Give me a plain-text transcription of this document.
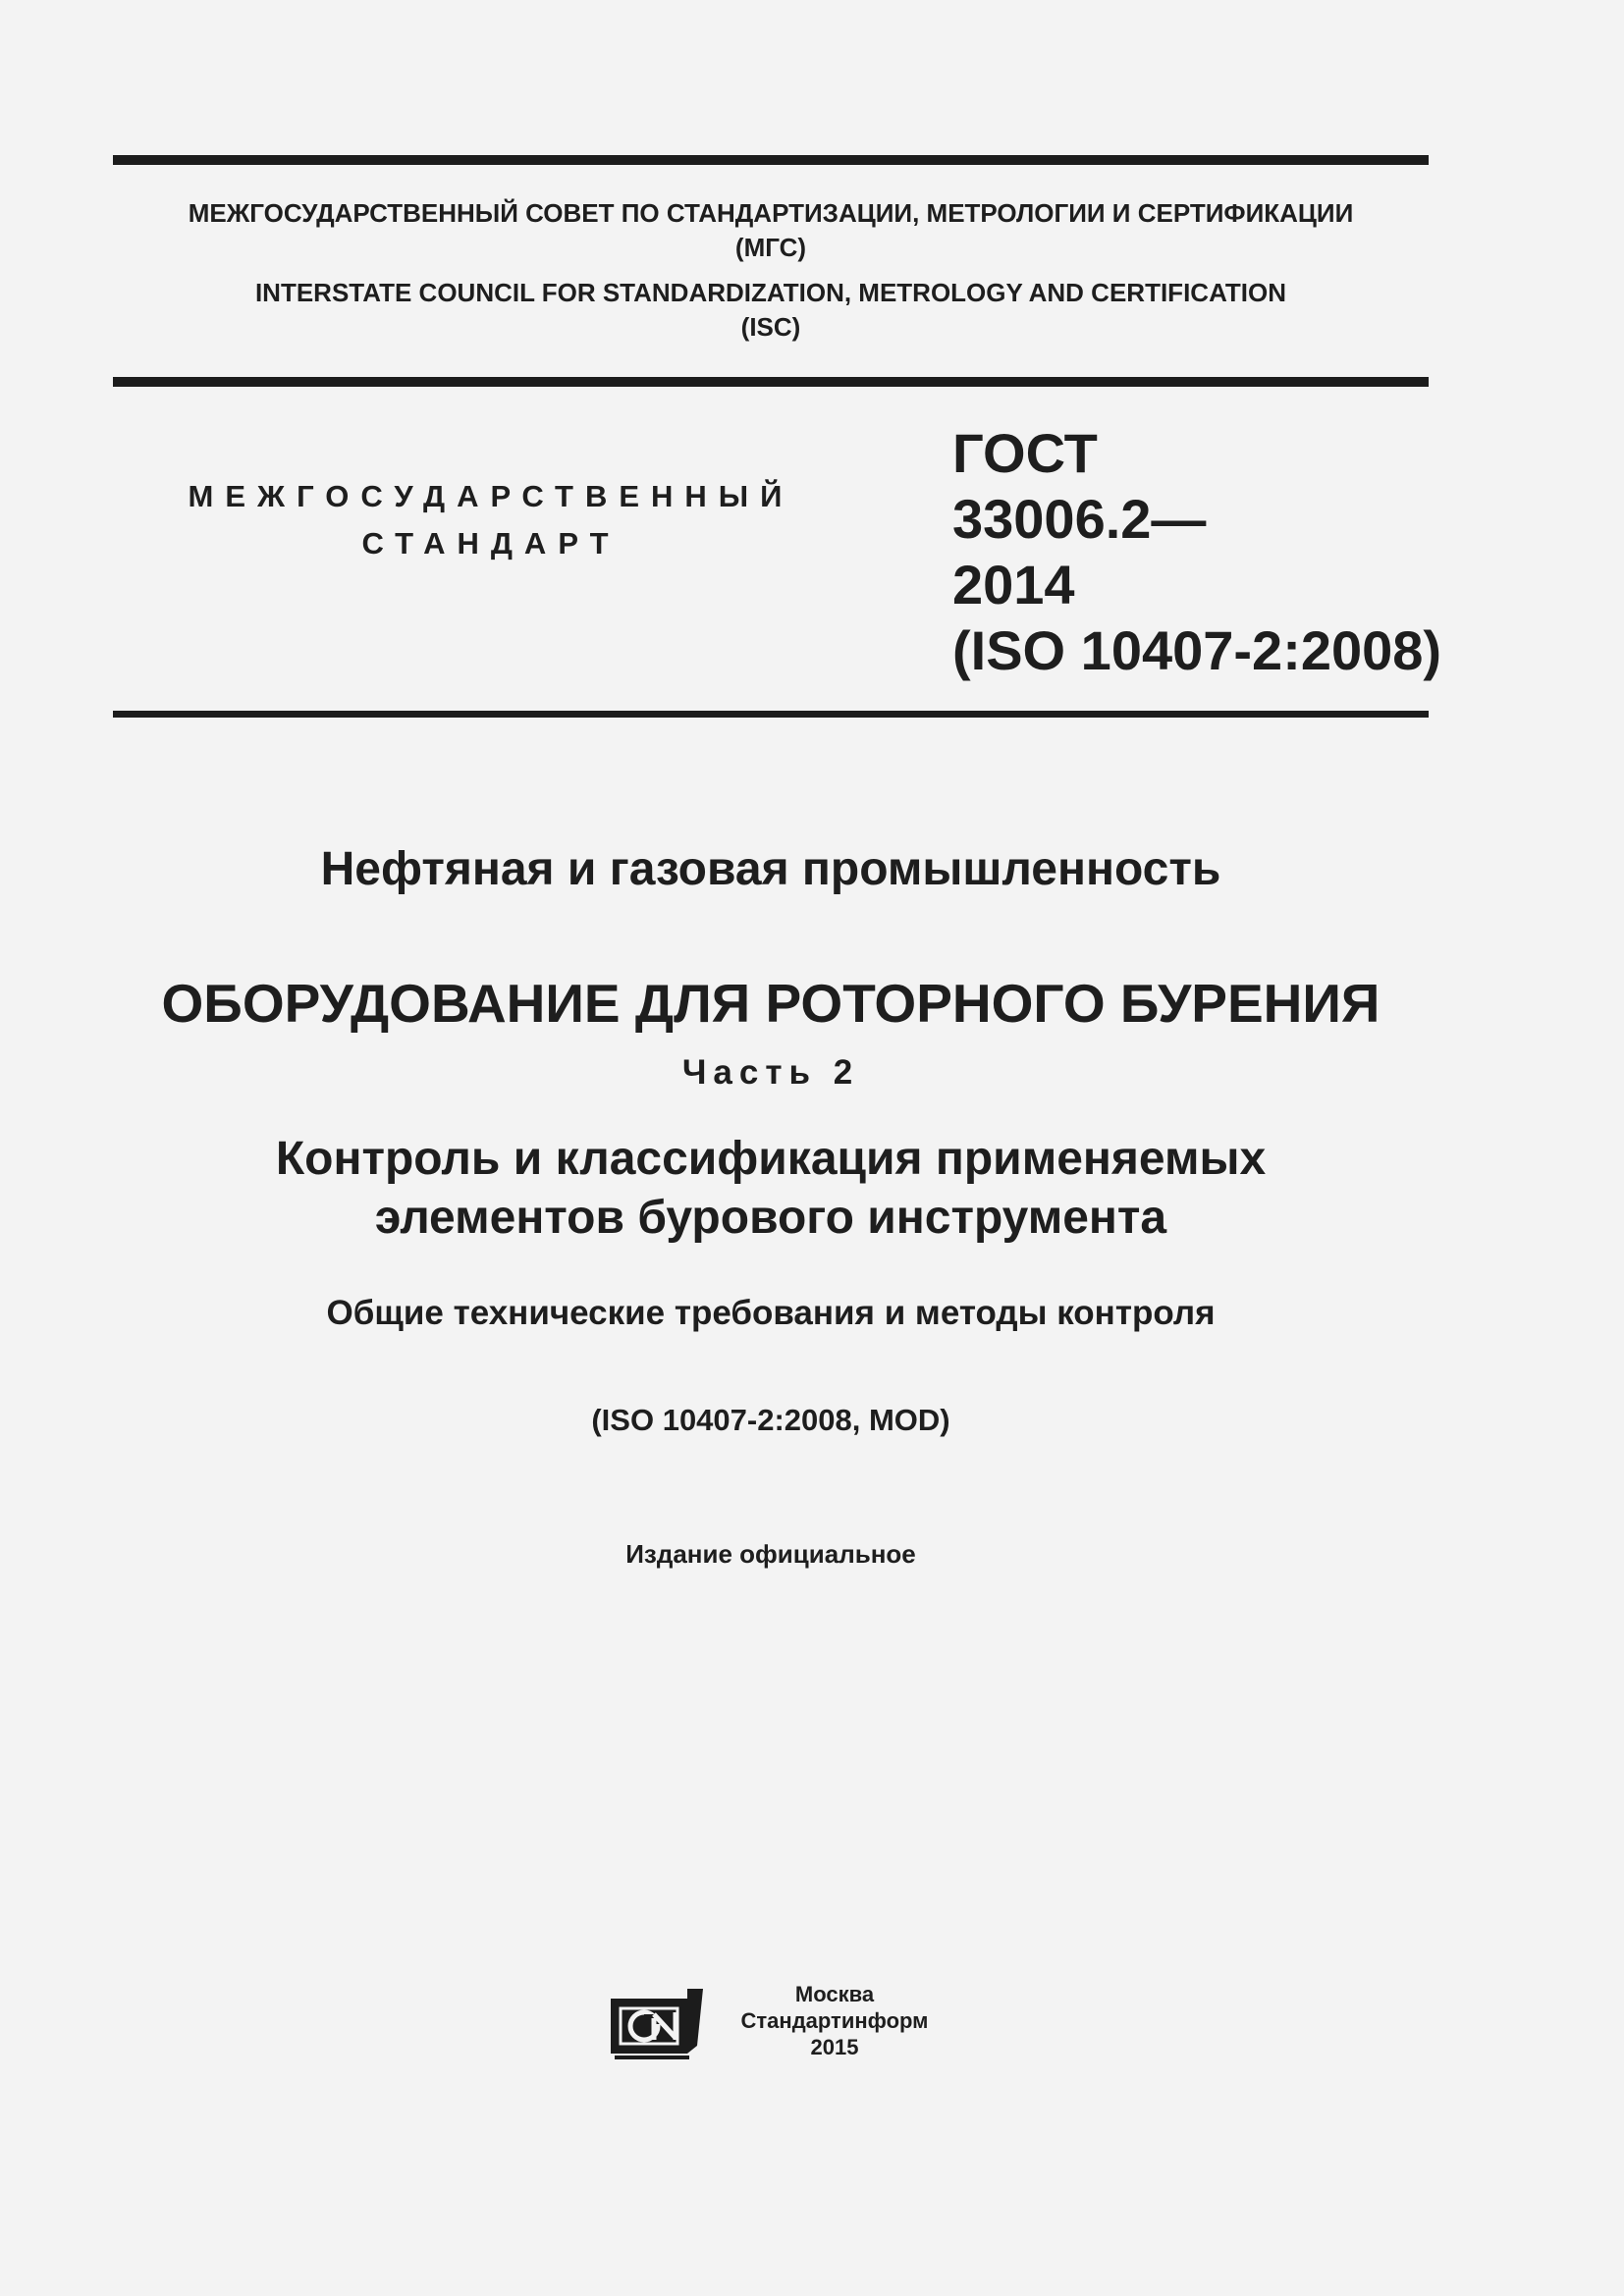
МЕЖГОСУДАРСТВЕННЫЙ СОВЕТ ПО СТАНДАРТИЗАЦИИ, МЕТРОЛОГИИ И СЕРТИФИКАЦИИ
(МГС)
INTERSTATE COUNCIL FOR STANDARDIZATION, METROLOGY AND CERTIFICATION
(ISC)
МЕЖГОСУДАРСТВЕННЫЙ
СТАНДАРТ
ГОСТ
33006.2—
2014
(ISO 10407-2:2008)
Нефтяная и газовая промышленность
ОБОРУДОВАНИЕ ДЛЯ РОТОРНОГО БУРЕНИЯ
Часть 2
Контроль и классификация применяемых
элементов бурового инструмента
Общие технические требования и методы контроля
(ISO 10407-2:2008, MOD)
Издание официальное
Москва
Стандартинформ
2015
